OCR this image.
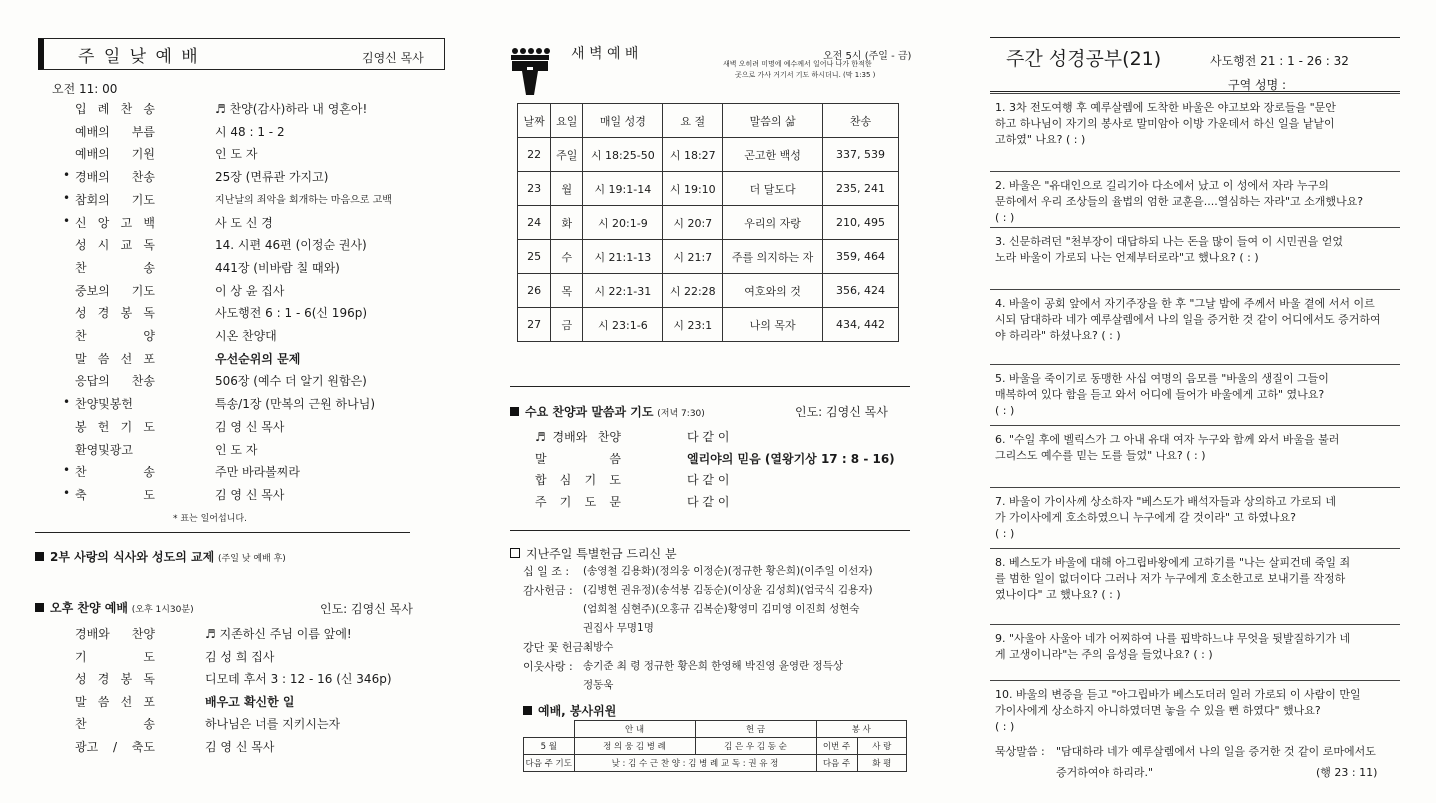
주 일 낮 예 배	김영신 목사
오전 11: 00
입 례 찬 송	♬ 찬양(감사)하라 내 영혼아!
예배의 부름	시 48 : 1 - 2
예배의 기원	인 도 자
• 경배의 찬송	25장 (면류관 가지고)
• 참회의 기도	지난날의 죄악을 회개하는 마음으로 고백
• 신 앙 고 백	사 도 신 경
성 시 교 독	14. 시편 46편 (이정순 권사)
찬 송	441장 (비바람 칠 때와)
중보의 기도	이 상 윤 집사
성 경 봉 독	사도행전 6 : 1 - 6(신 196p)
찬 양	시온 찬양대
말 씀 선 포	우선순위의 문제
응답의 찬송	506장 (예수 더 알기 원함은)
• 찬양및봉헌	특송/1장 (만복의 근원 하나님)
봉 헌 기 도	김 영 신 목사
환영및광고	인 도 자
• 찬 송	주만 바라볼찌라
• 축 도	김 영 신 목사
* 표는 일어섭니다.
2부 사랑의 식사와 성도의 교제 (주일 낮 예배 후)
오후 찬양 예배 (오후 1시30분)	인도: 김영신 목사
경배와 찬양	♬ 지존하신 주님 이름 앞에!
기 도	김 성 희 집사
성 경 봉 독	디모데 후서 3 : 12 - 16 (신 346p)
말 씀 선 포	배우고 확신한 일
찬 송	하나님은 너를 지키시는자
광고 / 축도	김 영 신 목사
새 벽 예 배	오전 5시 (주일 - 금)
새벽 오히려 미명에 예수께서 일어나 나가 한적한
곳으로 가사 거기서 기도 하시더니. (막 1:35 )
날짜	요일	매일 성경	요 절	말씀의 삶	찬송
22	주일	시 18:25-50	시 18:27	곤고한 백성	337, 539
23	월	시 19:1-14	시 19:10	더 달도다	235, 241
24	화	시 20:1-9	시 20:7	우리의 자랑	210, 495
25	수	시 21:1-13	시 21:7	주를 의지하는 자	359, 464
26	목	시 22:1-31	시 22:28	여호와의 것	356, 424
27	금	시 23:1-6	시 23:1	나의 목자	434, 442
수요 찬양과 말씀과 기도 (저녁 7:30)	인도: 김영신 목사
♬경배와 찬양	다 같 이
말 씀	엘리야의 믿음 (열왕기상 17 : 8 - 16)
합 심 기 도	다 같 이
주 기 도 문	다 같 이
지난주일 특별헌금 드리신 분
십 일 조 : (송영철 김용화)(정의웅 이정순)(정규한 황은희)(이주일 이선자)
감사헌금 : (김병현 권유정)(송석봉 김동순)(이상윤 김성희)(엄국식 김용자)
(엄희철 심현주)(오홍규 김복순)황영미 김미영 이진희 성현숙
권집사 무명1명
강단 꽃 헌금 :
최방수
이웃사랑 : 송기준 최 령 정규한 황은희 한영해 박진영 윤영란 정득상
정동욱
예배, 봉사위원
	안 내	헌 금	봉 사	
5 월	정 의 웅 김 병 례	김 은 우 김 동 순	이번 주	사 랑
다음 주 기도	낮 : 김 수 근 찬 양 : 김 병 례 교 독 : 권 유 정		다음 주	화 평
주간 성경공부(21)	사도행전 21 : 1 - 26 : 32
구역 성명 :
1. 3차 전도여행 후 예루살렘에 도착한 바울은 야고보와 장로들을 "문안
하고 하나님이 자기의 봉사로 말미암아 이방 가운데서 하신 일을 낱낱이
고하였" 나요? ( : )
2. 바울은 "유대인으로 길리기아 다소에서 났고 이 성에서 자라 누구의
문하에서 우리 조상들의 율법의 엄한 교훈을....열심하는 자라"고 소개했나요?
( : )
3. 신문하려던 "천부장이 대답하되 나는 돈을 많이 들여 이 시민권을 얻었
노라 바울이 가로되 나는 언제부터로라"고 했나요? ( : )
4. 바울이 공회 앞에서 자기주장을 한 후 "그날 밤에 주께서 바울 곁에 서서 이르
시되 담대하라 네가 예루살렘에서 나의 일을 증거한 것 같이 어디에서도 증거하여
야 하리라" 하셨나요? ( : )
5. 바울을 죽이기로 동맹한 사십 여명의 음모를 "바울의 생질이 그들이
매복하여 있다 함을 듣고 와서 어디에 들어가 바울에게 고하" 였나요?
( : )
6. "수일 후에 벨릭스가 그 아내 유대 여자 누구와 함께 와서 바울을 불러
그리스도 예수를 믿는 도를 들었" 나요? ( : )
7. 바울이 가이사께 상소하자 "베스도가 배석자들과 상의하고 가로되 네
가 가이사에게 호소하였으니 누구에게 갈 것이라" 고 하였나요?
( : )
8. 베스도가 바울에 대해 아그립바왕에게 고하기를 "나는 살피건데 죽일 죄
를 범한 일이 없더이다 그러나 저가 누구에게 호소한고로 보내기를 작정하
였나이다" 고 했나요? ( : )
9. "사울아 사울아 네가 어찌하여 나를 핍박하느냐 무엇을 뒷발질하기가 네
게 고생이니라"는 주의 음성을 들었나요? ( : )
10. 바울의 변증을 듣고 "아그립바가 베스도더러 일러 가로되 이 사람이 만일
가이사에게 상소하지 아니하였더면 놓을 수 있을 뻔 하였다" 했나요?
( : )
묵상말씀 : "담대하라 네가 예루살렘에서 나의 일을 증거한 것 같이 로마에서도
증거하여야 하리라."	(행 23 : 11)
